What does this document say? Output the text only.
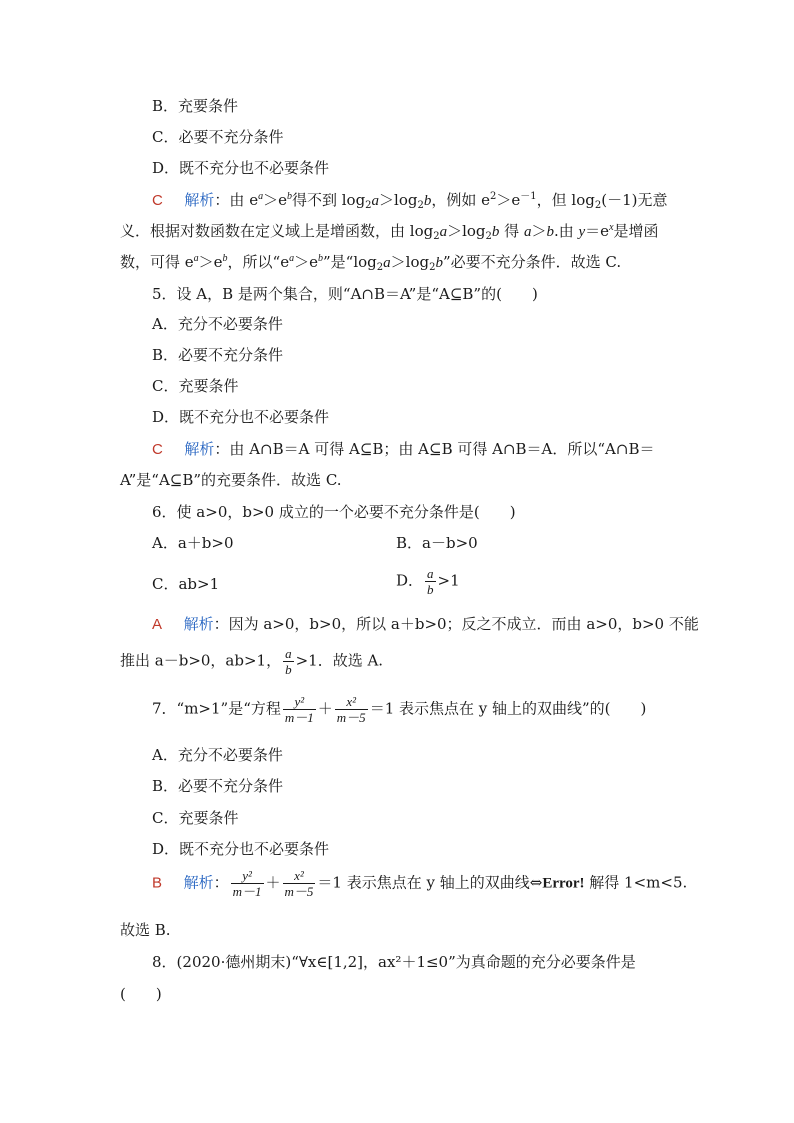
B．充要条件
C．必要不充分条件
D．既不充分也不必要条件
C 解析：由 $e^a>e^b$得不到 $\log_2a>\log_2b$，例如 $e^2>e^{-1}$，但 $\log_2(-1)$无意
义．根据对数函数在定义域上是增函数，由 $\log_2a>\log_2b$ 得 a＞b.由 $y=e^x$是增函
数，可得 $e^a>e^b$，所以“$e^a>e^b$”是“$\log_2a>\log_2b$”必要不充分条件．故选 C.
5．设 A，B 是两个集合，则“A∩B＝A”是“A⊆B”的(　　)
A．充分不必要条件
B．必要不充分条件
C．充要条件
D．既不充分也不必要条件
C 解析：由 A∩B＝A 可得 A⊆B；由 A⊆B 可得 A∩B＝A．所以“A∩B＝
A”是“A⊆B”的充要条件．故选 C.
6．使 a>0，b>0 成立的一个必要不充分条件是(　　)
A．a＋b>0	B．a－b>0
C．ab>1	D． $\frac{a}{b} >1$
A 解析：因为 a>0，b>0，所以 a＋b>0；反之不成立．而由 a>0，b>0 不能
推出 a－b>0，ab>1， $\frac{a}{b} >1$．故选 A.
7．“m>1”是“方程 $\frac{\text{y²}}{m-1} + \frac{\text{x²}}{m-5} =1$ 表示焦点在 y 轴上的双曲线”的(　　)
A．充分不必要条件
B．必要不充分条件
C．充要条件
D．既不充分也不必要条件
B 解析： $\frac{\text{y²}}{m-1} + \frac{\text{x²}}{m-5} =1$ 表示焦点在 y 轴上的双曲线⇔Error! 解得 1<m<5.
故选 B.
8．(2020·德州期末)“∀x∈[1,2]，ax²＋1≤0”为真命题的充分必要条件是
(　　)
